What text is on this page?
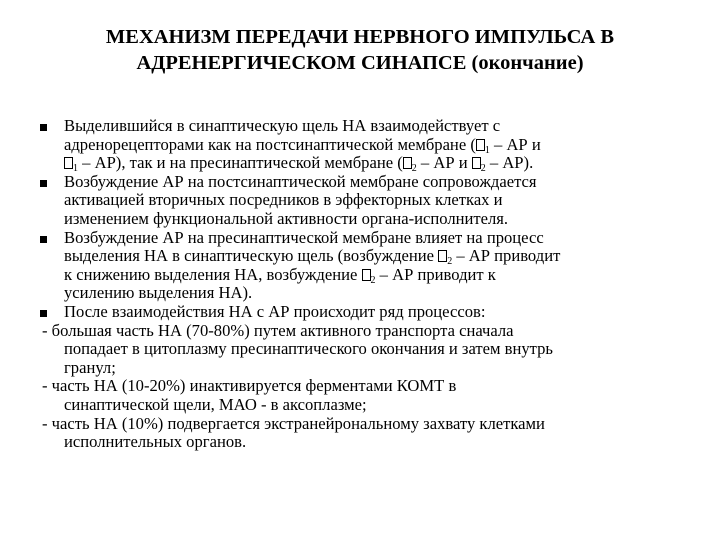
МЕХАНИЗМ ПЕРЕДАЧИ НЕРВНОГО ИМПУЛЬСА В
АДРЕНЕРГИЧЕСКОМ СИНАПСЕ (окончание)
Выделившийся в синаптическую щель НА взаимодействует с
адренорецепторами как на постсинаптической мембране ( $_1$ – АР и
$_1$ – АР), так и на пресинаптической мембране ( $_2$ – АР и $_2$ – АР).
Возбуждение АР на постсинаптической мембране сопровождается
активацией вторичных посредников в эффекторных клетках и
изменением функциональной активности органа-исполнителя.
Возбуждение АР на пресинаптической мембране влияет на процесс
выделения НА в синаптическую щель (возбуждение $_2$ – АР приводит
к снижению выделения НА, возбуждение $_2$ – АР приводит к
усилению выделения НА).
После взаимодействия НА с АР происходит ряд процессов:
- большая часть НА (70-80%) путем активного транспорта сначала
попадает в цитоплазму пресинаптического окончания и затем внутрь
гранул;
- часть НА (10-20%) инактивируется ферментами КОМТ в
синаптической щели, МАО - в аксоплазме;
- часть НА (10%) подвергается экстранейрональному захвату клетками
исполнительных органов.
